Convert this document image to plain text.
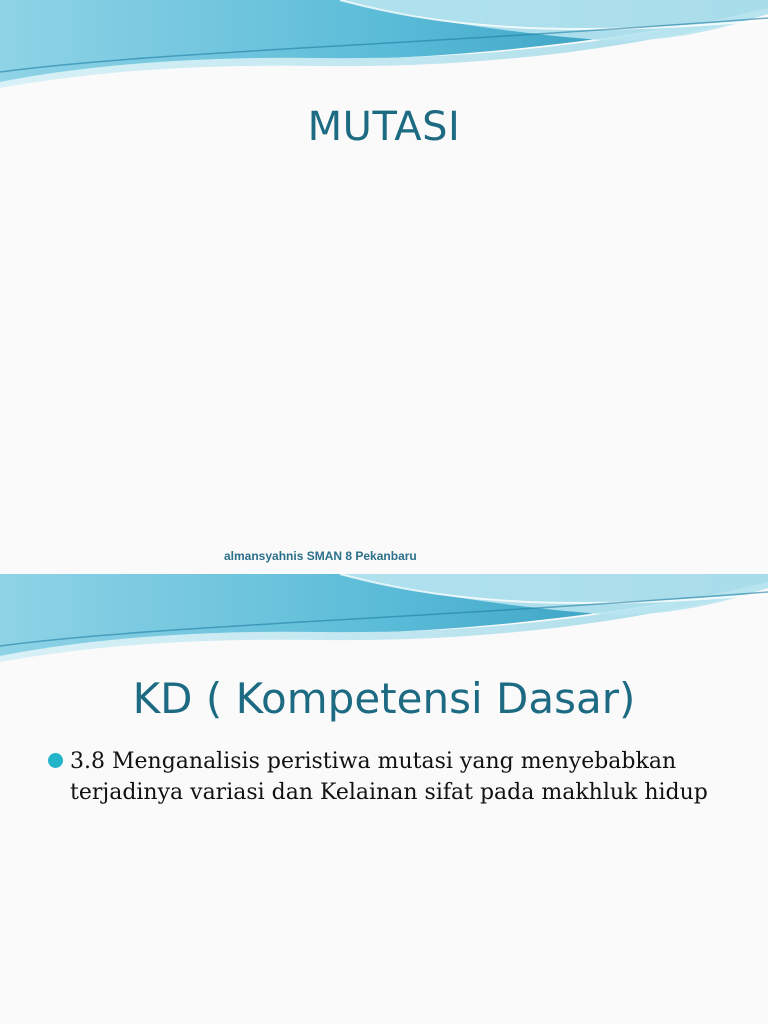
MUTASI
almansyahnis SMAN 8 Pekanbaru
KD ( Kompetensi Dasar)
3.8 Menganalisis peristiwa mutasi yang menyebabkan terjadinya variasi dan Kelainan sifat pada makhluk hidup
